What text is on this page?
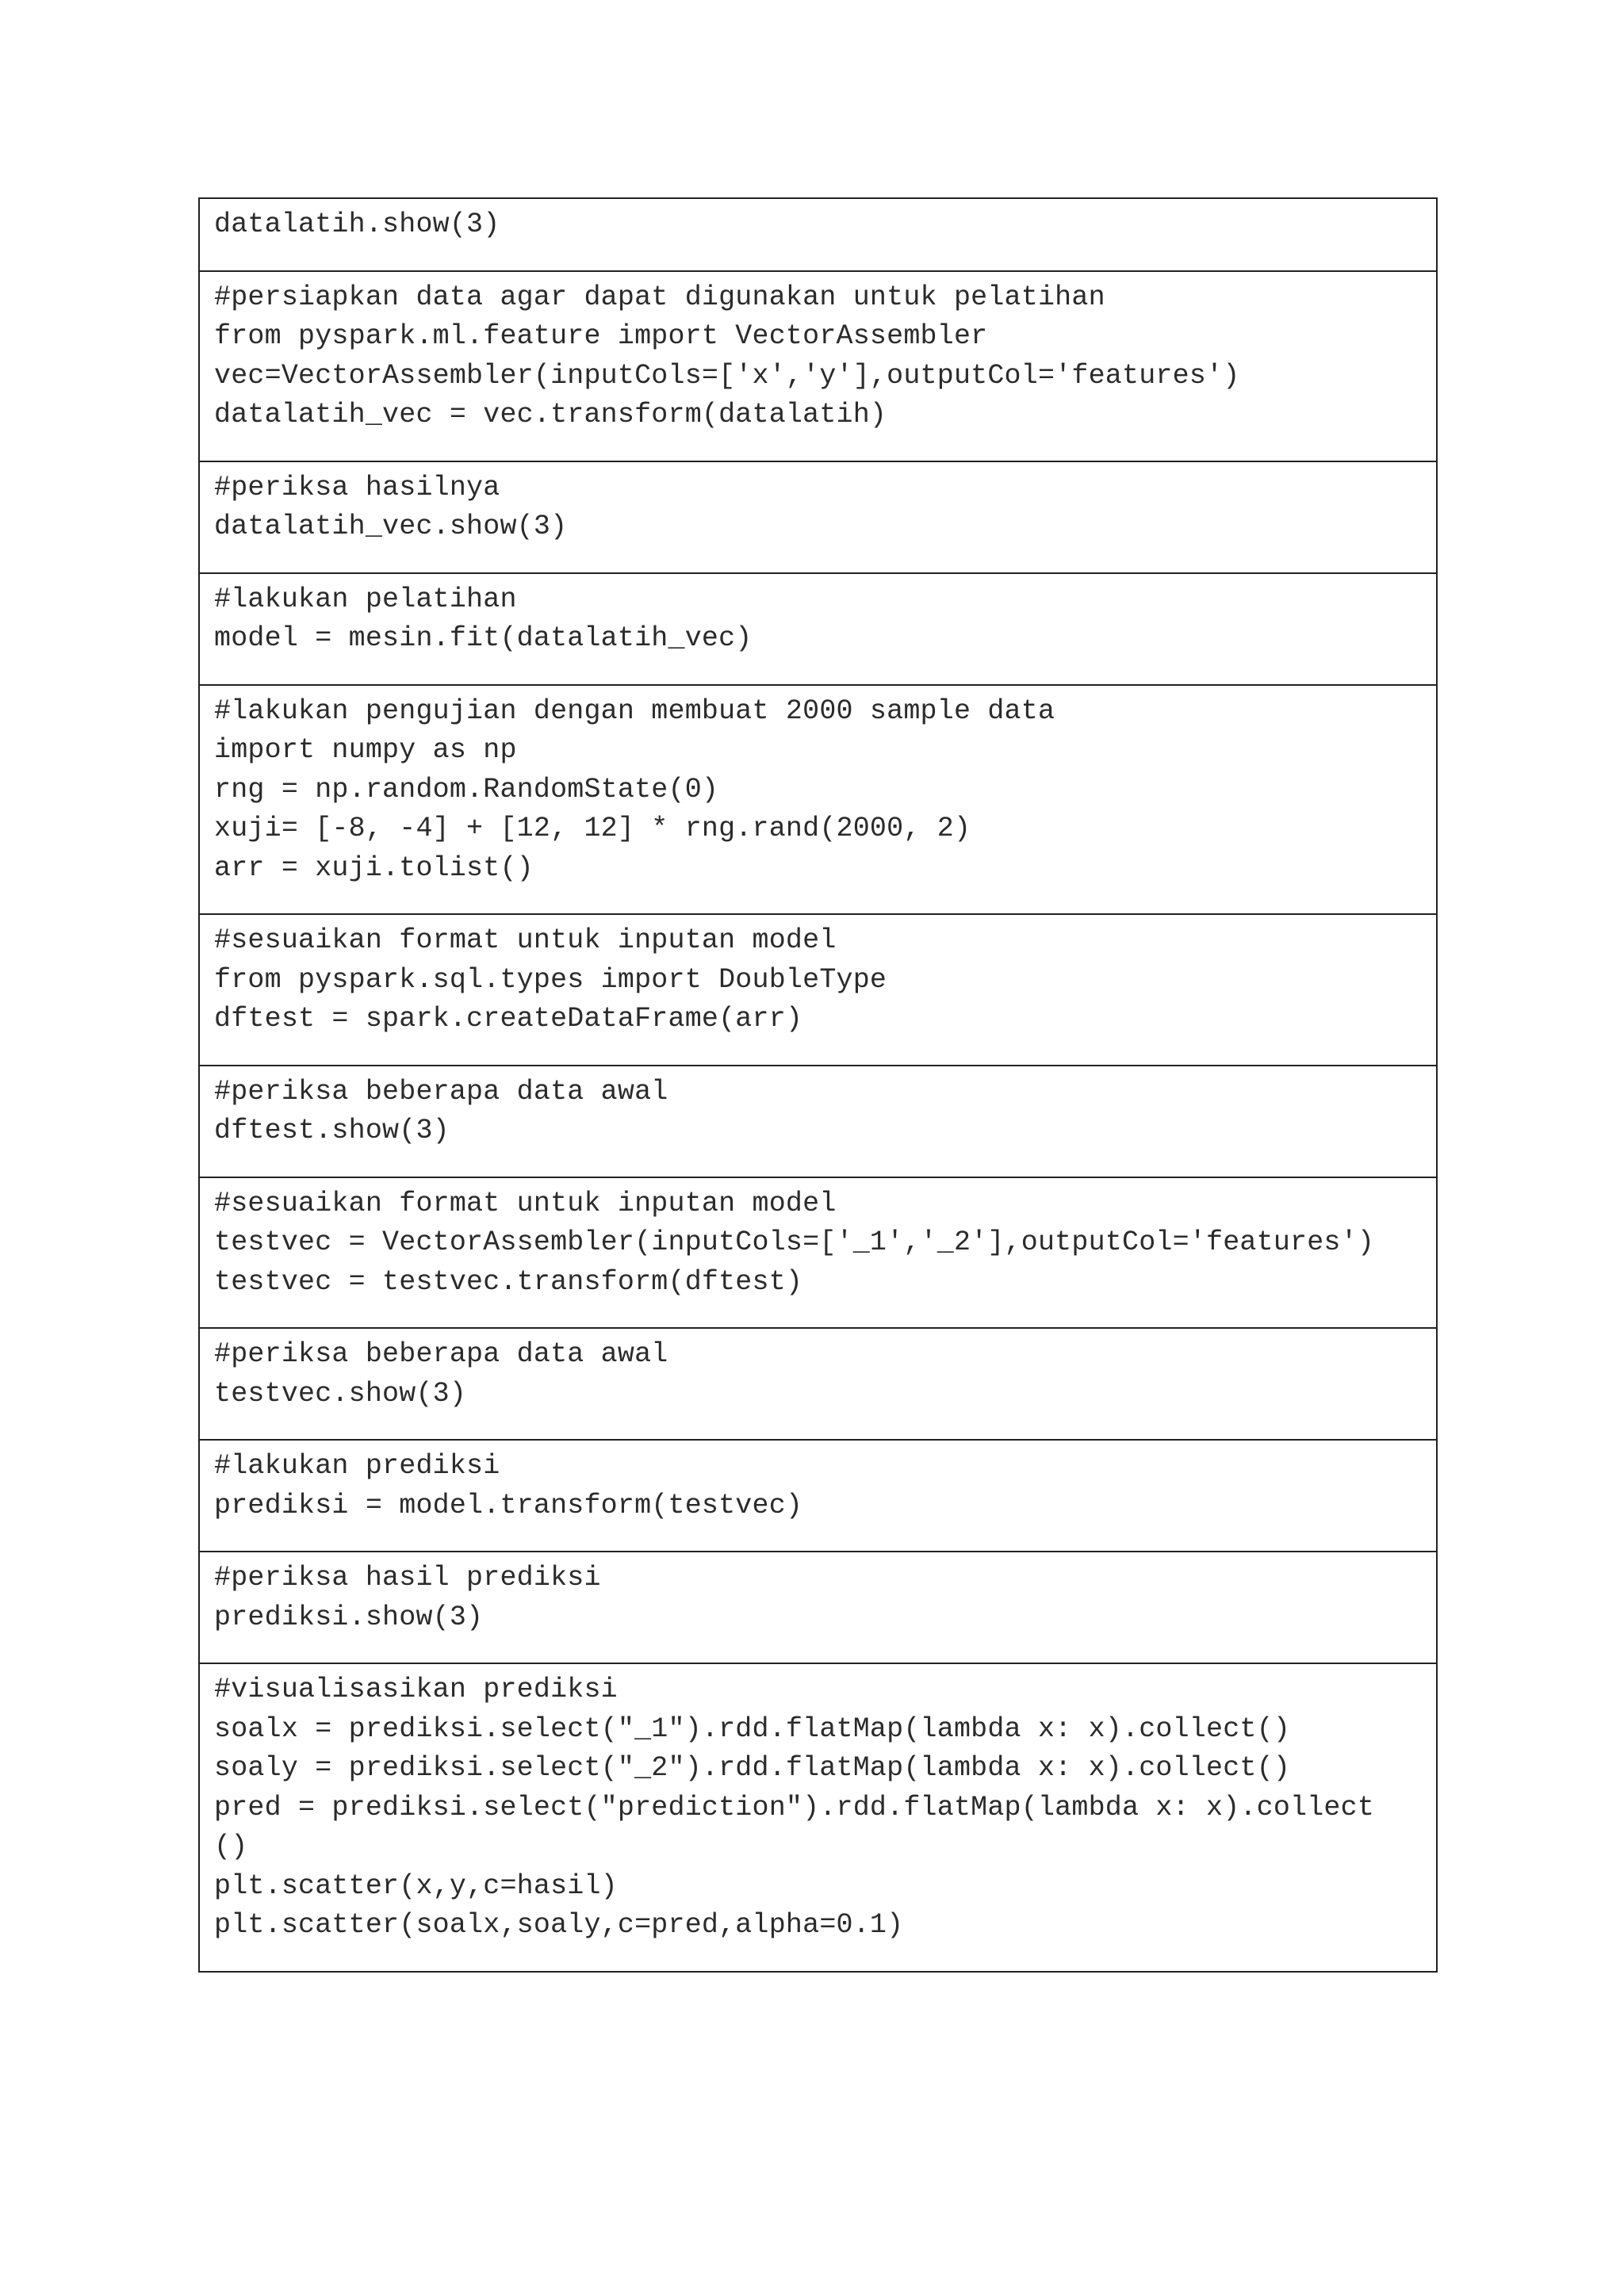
datalatih.show(3)

#persiapkan data agar dapat digunakan untuk pelatihan
from pyspark.ml.feature import VectorAssembler
vec=VectorAssembler(inputCols=['x','y'],outputCol='features')
datalatih_vec = vec.transform(datalatih)

#periksa hasilnya
datalatih_vec.show(3)

#lakukan pelatihan
model = mesin.fit(datalatih_vec)

#lakukan pengujian dengan membuat 2000 sample data
import numpy as np
rng = np.random.RandomState(0)
xuji= [-8, -4] + [12, 12] * rng.rand(2000, 2)
arr = xuji.tolist()

#sesuaikan format untuk inputan model
from pyspark.sql.types import DoubleType
dftest = spark.createDataFrame(arr)

#periksa beberapa data awal
dftest.show(3)

#sesuaikan format untuk inputan model
testvec = VectorAssembler(inputCols=['_1','_2'],outputCol='features')
testvec = testvec.transform(dftest)

#periksa beberapa data awal
testvec.show(3)

#lakukan prediksi
prediksi = model.transform(testvec)

#periksa hasil prediksi
prediksi.show(3)

#visualisasikan prediksi
soalx = prediksi.select("_1").rdd.flatMap(lambda x: x).collect()
soaly = prediksi.select("_2").rdd.flatMap(lambda x: x).collect()
pred = prediksi.select("prediction").rdd.flatMap(lambda x: x).collect
()
plt.scatter(x,y,c=hasil)
plt.scatter(soalx,soaly,c=pred,alpha=0.1)
